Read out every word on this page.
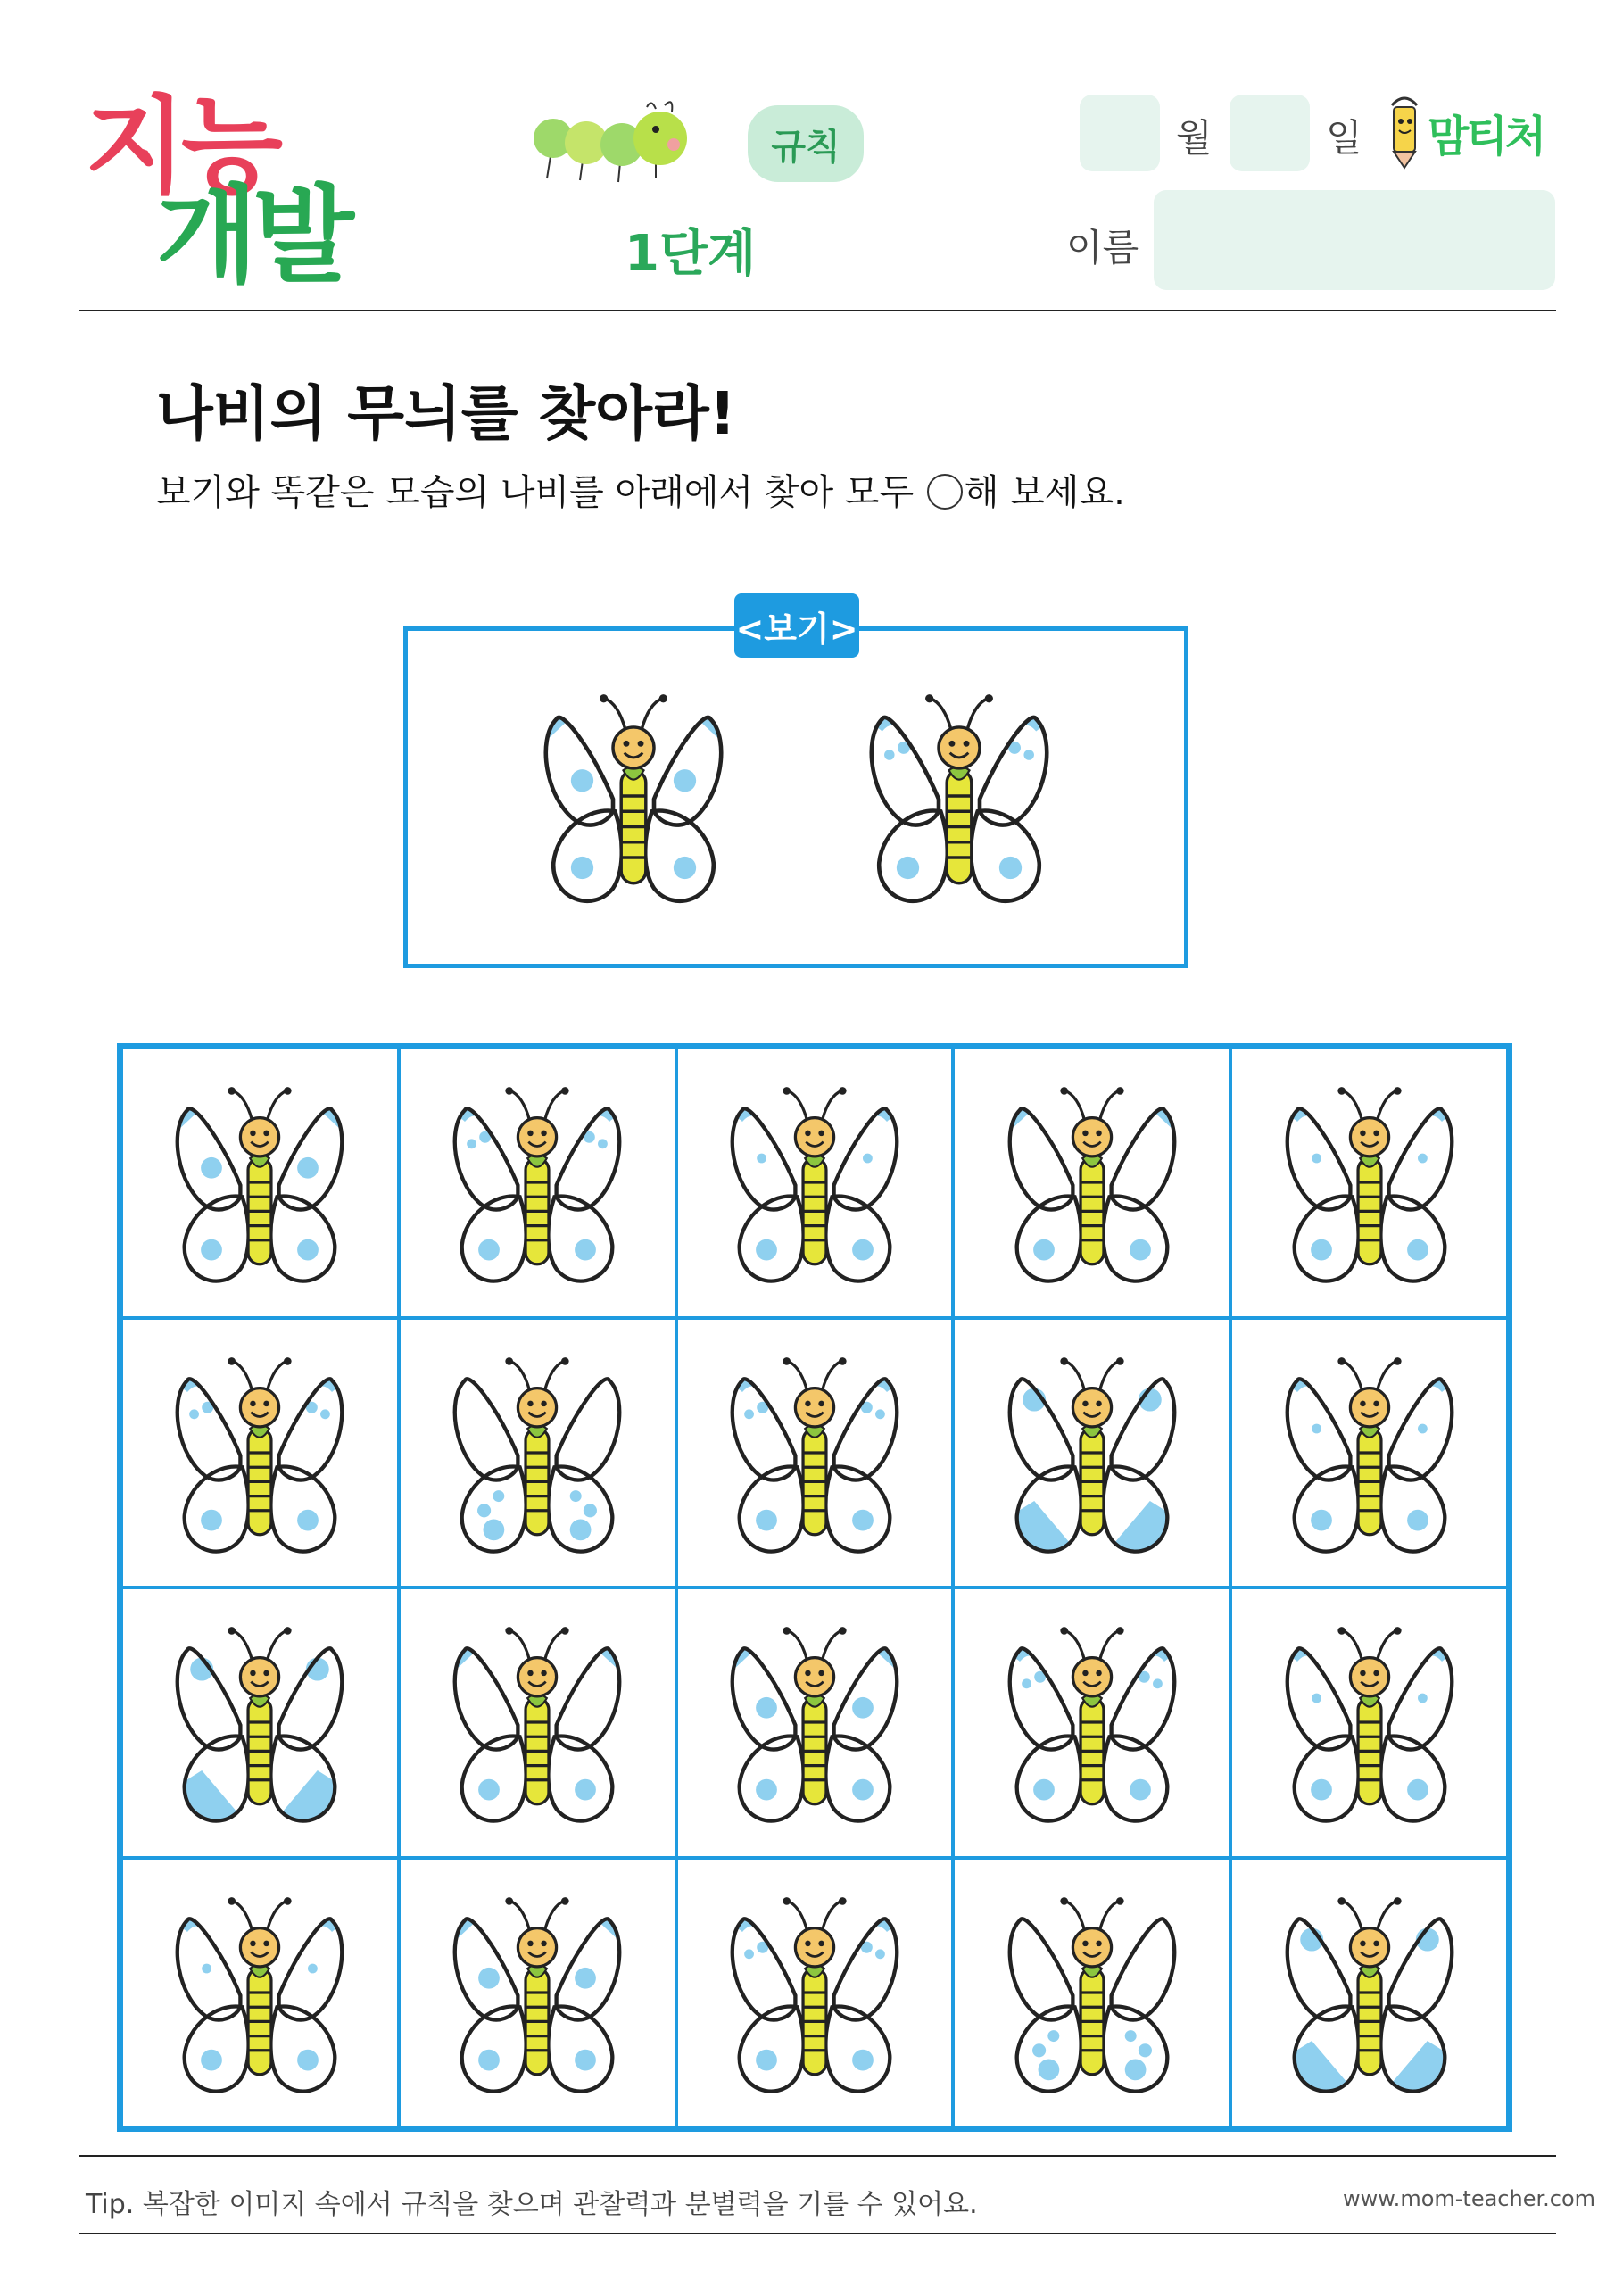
지능
개발
규칙
1단계
월	일
이름
맘티처
나비의 무늬를 찾아라!
보기와 똑같은 모습의 나비를 아래에서 찾아 모두 ○ 해 보세요.
<보기>
Tip. 복잡한 이미지 속에서 규칙을 찾으며 관찰력과 분별력을 기를 수 있어요.	www.mom-teacher.com
